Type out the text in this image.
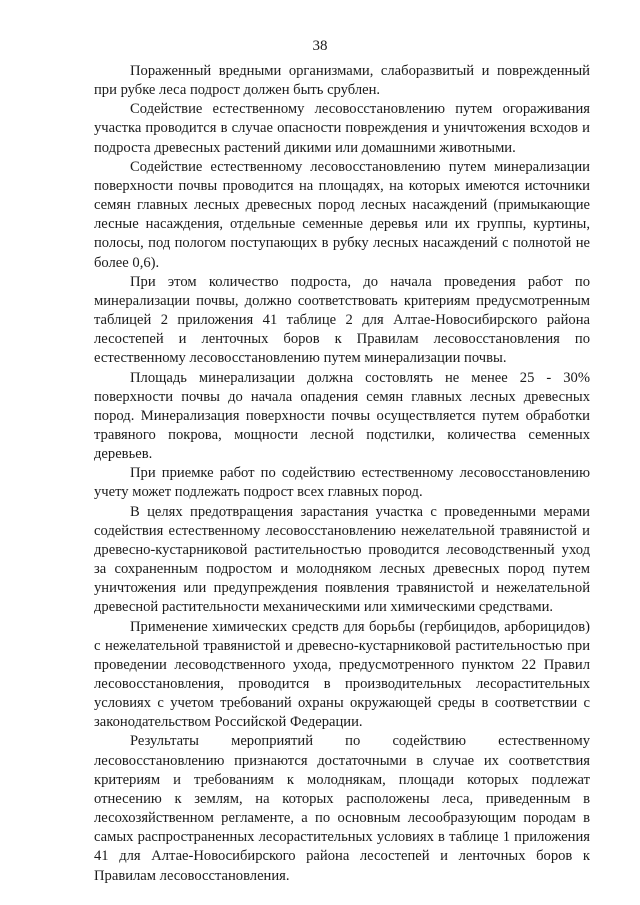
38

Пораженный вредными организмами, слаборазвитый и поврежденный при рубке леса подрост должен быть срублен.

Содействие естественному лесовосстановлению путем огораживания участка проводится в случае опасности повреждения и уничтожения всходов и подроста древесных растений дикими или домашними животными.

Содействие естественному лесовосстановлению путем минерализации поверхности почвы проводится на площадях, на которых имеются источники семян главных лесных древесных пород лесных насаждений (примыкающие лесные насаждения, отдельные семенные деревья или их группы, куртины, полосы, под пологом поступающих в рубку лесных насаждений с полнотой не более 0,6).

При этом количество подроста, до начала проведения работ по минерализации почвы, должно соответствовать критериям предусмотренным таблицей 2 приложения 41 таблице 2 для Алтае-Новосибирского района лесостепей и ленточных боров к Правилам лесовосстановления по естественному лесовосстановлению путем минерализации почвы.

Площадь минерализации должна состовлять не менее 25 - 30% поверхности почвы до начала опадения семян главных лесных древесных пород. Минерализация поверхности почвы осуществляется путем обработки травяного покрова, мощности лесной подстилки, количества семенных деревьев.

При приемке работ по содействию естественному лесовосстановлению учету может подлежать подрост всех главных пород.

В целях предотвращения зарастания участка с проведенными мерами содействия естественному лесовосстановлению нежелательной травянистой и древесно-кустарниковой растительностью проводится лесоводственный уход за сохраненным подростом и молодняком лесных древесных пород путем уничтожения или предупреждения появления травянистой и нежелательной древесной растительности механическими или химическими средствами.

Применение химических средств для борьбы (гербицидов, арборицидов) с нежелательной травянистой и древесно-кустарниковой растительностью при проведении лесоводственного ухода, предусмотренного пунктом 22 Правил лесовосстановления, проводится в производительных лесорастительных условиях с учетом требований охраны окружающей среды в соответствии с законодательством Российской Федерации.

Результаты мероприятий по содействию естественному лесовосстановлению признаются достаточными в случае их соответствия критериям и требованиям к молоднякам, площади которых подлежат отнесению к землям, на которых расположены леса, приведенным в лесохозяйственном регламенте, а по основным лесообразующим породам в самых распространенных лесорастительных условиях в таблице 1 приложения 41 для Алтае-Новосибирского района лесостепей и ленточных боров к Правилам лесовосстановления.
